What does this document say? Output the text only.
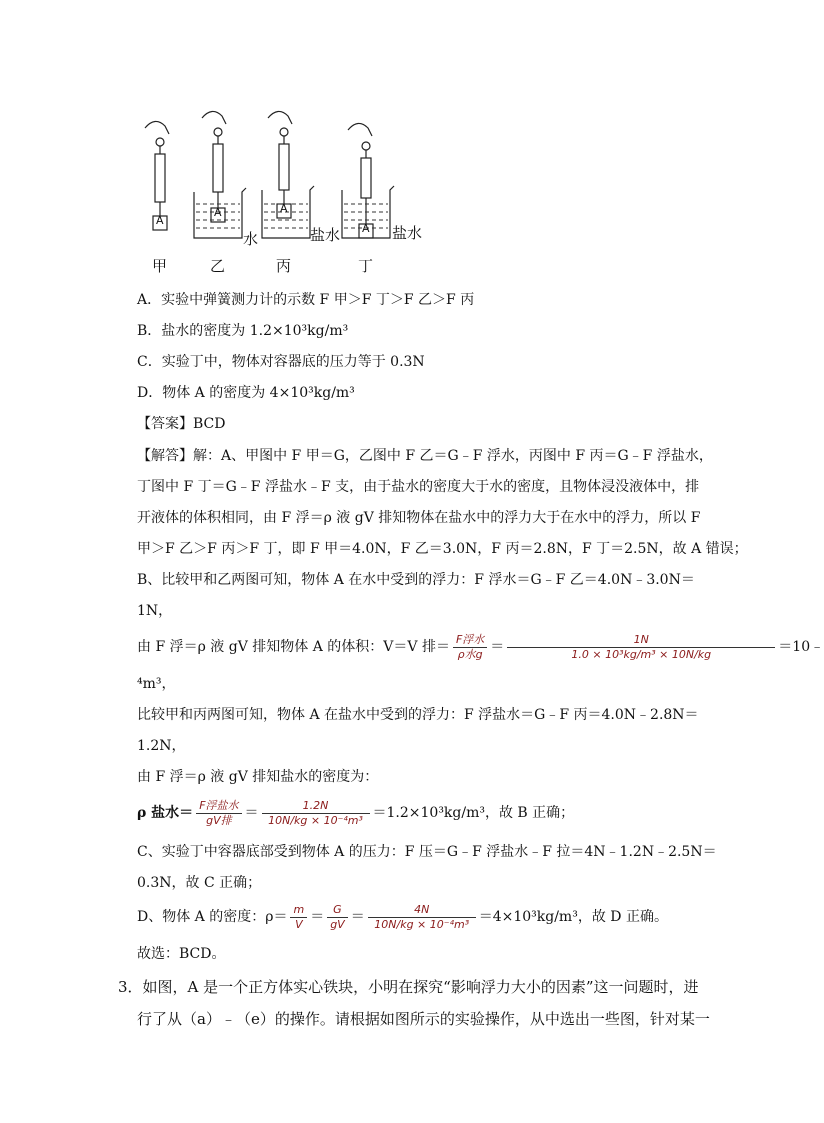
A
A	A
A
水	盐水	盐水
甲	乙	丙	丁
A．实验中弹簧测力计的示数 F 甲＞F 丁＞F 乙＞F 丙
B．盐水的密度为 1.2×10³kg/m³
C．实验丁中，物体对容器底的压力等于 0.3N
D．物体 A 的密度为 4×10³kg/m³
【答案】BCD
【解答】解：A、甲图中 F 甲＝G，乙图中 F 乙＝G﹣F 浮水，丙图中 F 丙＝G﹣F 浮盐水，
丁图中 F 丁＝G﹣F 浮盐水﹣F 支，由于盐水的密度大于水的密度，且物体浸没液体中，排
开液体的体积相同，由 F 浮＝ρ 液 gV 排知物体在盐水中的浮力大于在水中的浮力，所以 F
甲＞F 乙＞F 丙＞F 丁，即 F 甲＝4.0N，F 乙＝3.0N，F 丙＝2.8N，F 丁＝2.5N，故 A 错误；
B、比较甲和乙两图可知，物体 A 在水中受到的浮力：F 浮水＝G﹣F 乙＝4.0N﹣3.0N＝
1N，
由 F 浮＝ρ 液 gV 排知物体 A 的体积：V＝V 排＝ $\frac{\text{F浮水}}{\text{ρ水g}} = \frac{1N}{\text{1.0 × 10³kg/m³ × 10N/kg}}$ ＝10﹣
⁴m³，
比较甲和丙两图可知，物体 A 在盐水中受到的浮力：F 浮盐水＝G﹣F 丙＝4.0N﹣2.8N＝
1.2N，
由 F 浮＝ρ 液 gV 排知盐水的密度为：
ρ 盐水＝ $\frac{\text{F浮盐水}}{\text{gV排}} = \frac{1.2N}{\text{10N/kg × 10⁻⁴m³}} =1.2\times 10^3kg/m^3$，故 B 正确；
C、实验丁中容器底部受到物体 A 的压力：F 压＝G﹣F 浮盐水﹣F 拉＝4N﹣1.2N﹣2.5N＝
0.3N，故 C 正确；
D、物体 A 的密度：$\rho= \frac{m}{V} = \frac{G}{gV} = \frac{4N}{\text{10N/kg × 10⁻⁴m³}} =4\times 10^3kg/m^3$，故 D 正确。
故选：BCD。
3．如图，A 是一个正方体实心铁块，小明在探究“影响浮力大小的因素”这一问题时，进
行了从（a）﹣（e）的操作。请根据如图所示的实验操作，从中选出一些图，针对某一
